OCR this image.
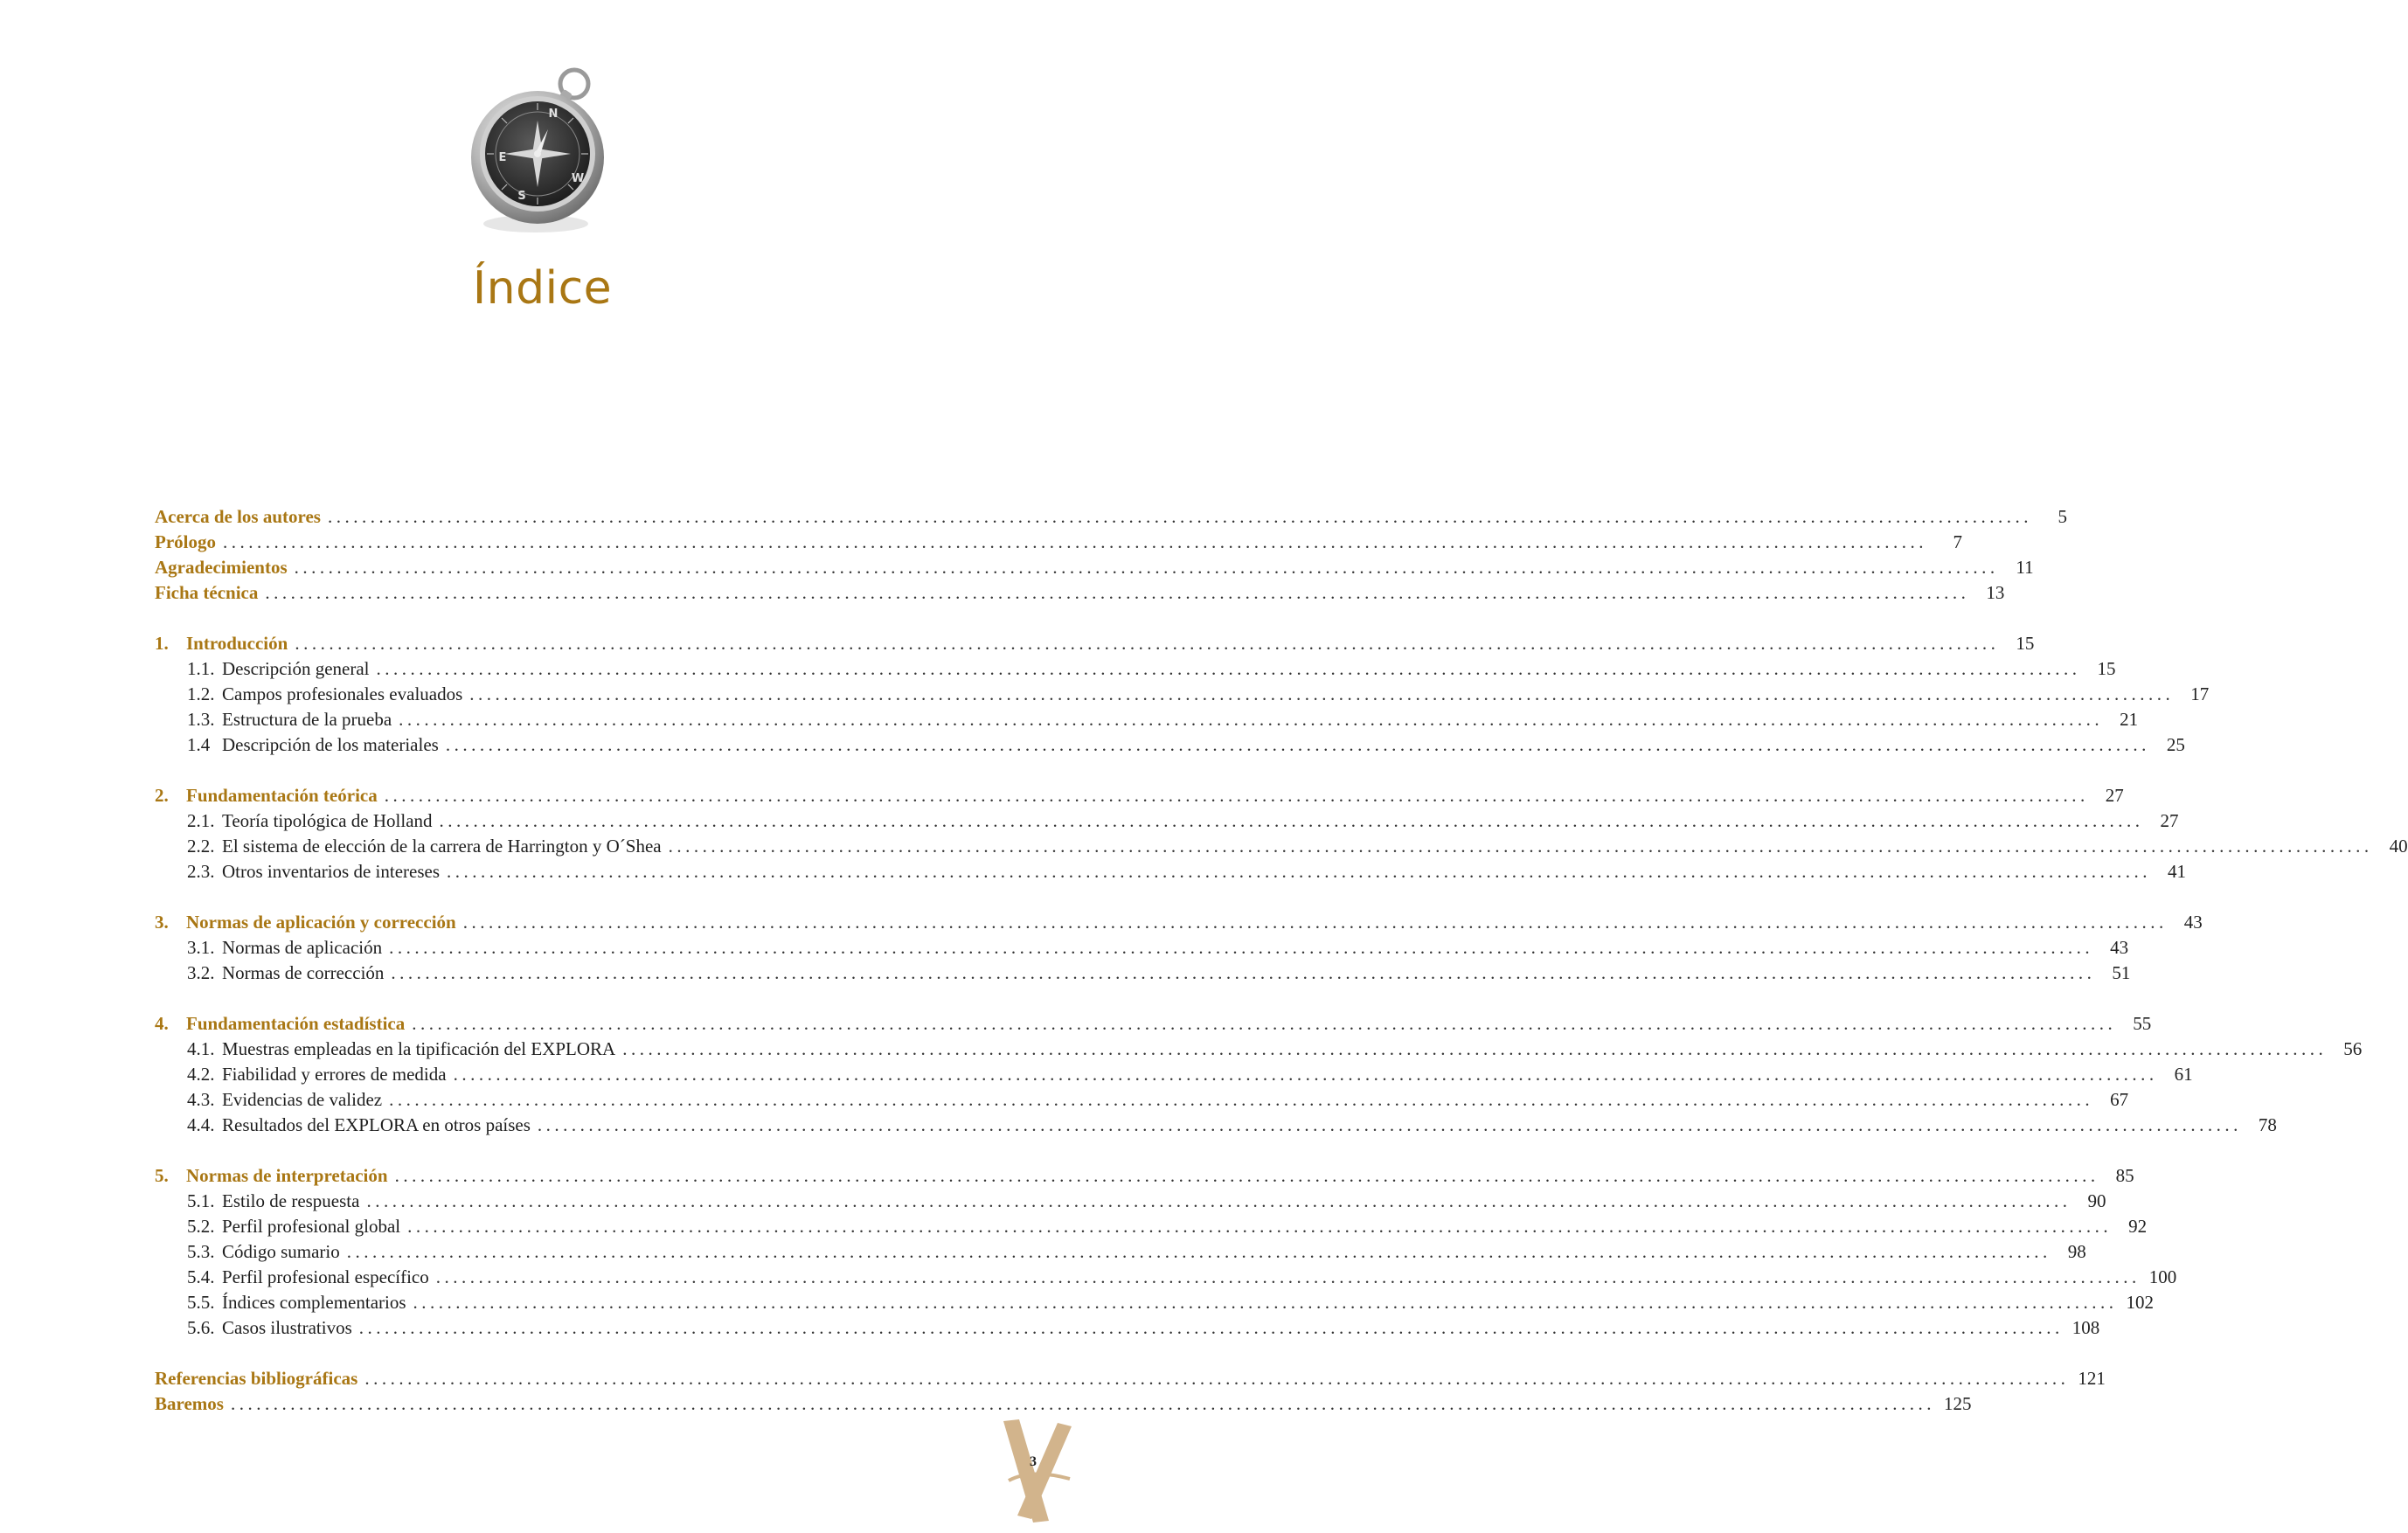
N
E
S
W
Índice
Acerca de los autores ........................................................................................................................................................................................................	5
Prólogo ........................................................................................................................................................................................................	7
Agradecimientos ........................................................................................................................................................................................................ 11
Ficha técnica ........................................................................................................................................................................................................ 13
1. Introducción ........................................................................................................................................................................................................ 15
1.1. Descripción general ........................................................................................................................................................................................................ 15
1.2. Campos profesionales evaluados ........................................................................................................................................................................................................ 17
1.3. Estructura de la prueba ........................................................................................................................................................................................................ 21
1.4 Descripción de los materiales ........................................................................................................................................................................................................ 25
2. Fundamentación teórica ........................................................................................................................................................................................................ 27
2.1. Teoría tipológica de Holland ........................................................................................................................................................................................................ 27
2.2. El sistema de elección de la carrera de Harrington y O´Shea ........................................................................................................................................................................................................ 40
2.3. Otros inventarios de intereses ........................................................................................................................................................................................................ 41
3. Normas de aplicación y corrección ........................................................................................................................................................................................................ 43
3.1. Normas de aplicación ........................................................................................................................................................................................................ 43
3.2. Normas de corrección ........................................................................................................................................................................................................ 51
4. Fundamentación estadística ........................................................................................................................................................................................................ 55
4.1. Muestras empleadas en la tipificación del EXPLORA ........................................................................................................................................................................................................ 56
4.2. Fiabilidad y errores de medida ........................................................................................................................................................................................................ 61
4.3. Evidencias de validez ........................................................................................................................................................................................................ 67
4.4. Resultados del EXPLORA en otros países ........................................................................................................................................................................................................ 78
5. Normas de interpretación ........................................................................................................................................................................................................ 85
5.1. Estilo de respuesta ........................................................................................................................................................................................................ 90
5.2. Perfil profesional global ........................................................................................................................................................................................................ 92
5.3. Código sumario ........................................................................................................................................................................................................ 98
5.4. Perfil profesional específico ........................................................................................................................................................................................................ 100
5.5. Índices complementarios ........................................................................................................................................................................................................ 102
5.6. Casos ilustrativos ........................................................................................................................................................................................................ 108
Referencias bibliográficas ........................................................................................................................................................................................................ 121
Baremos ........................................................................................................................................................................................................ 125
3
